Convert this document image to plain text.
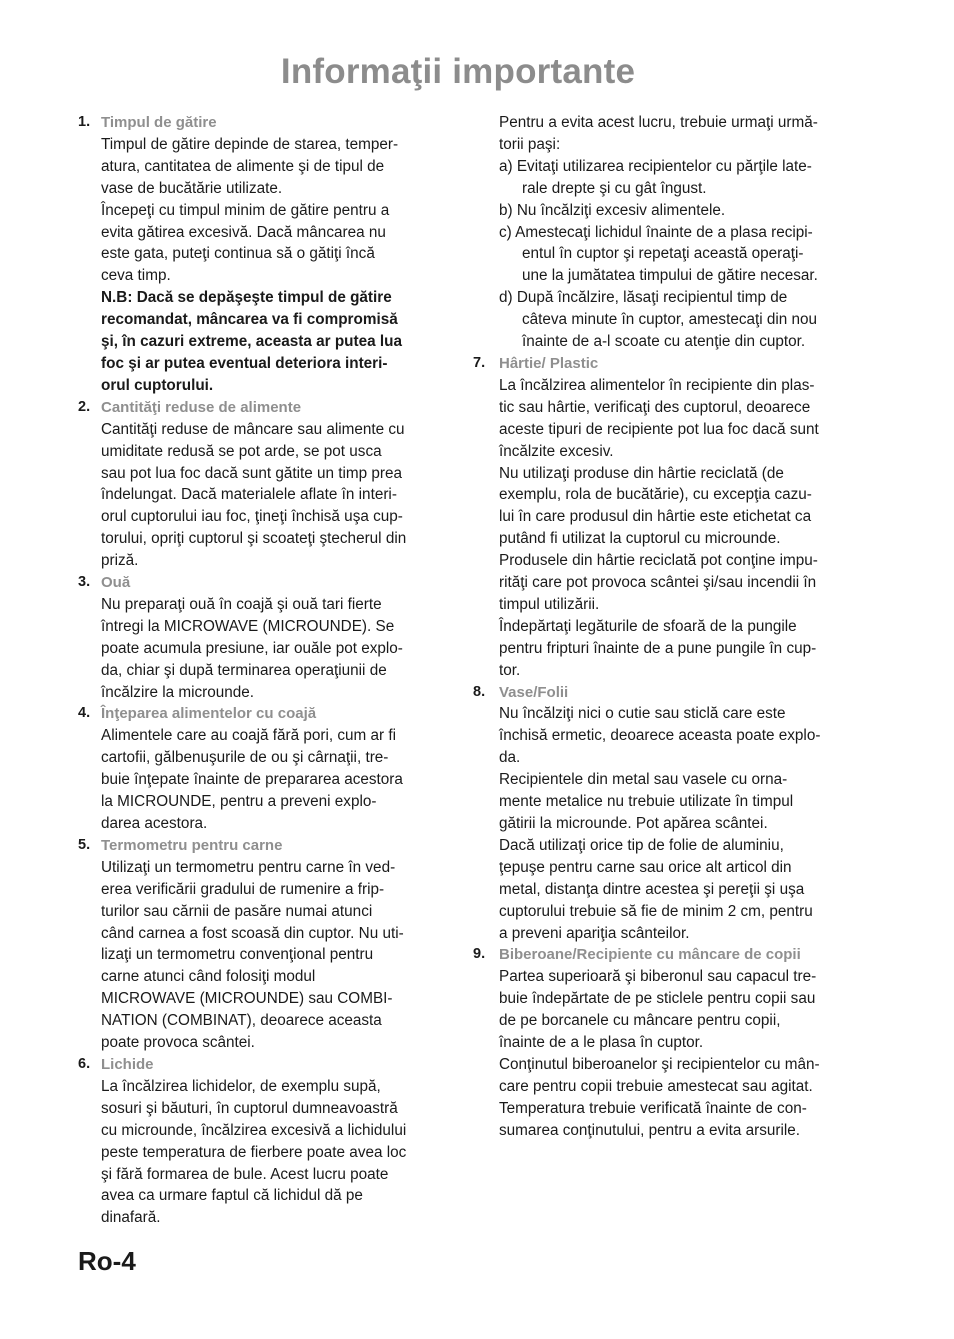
Informaţii importante
1. Timpul de gătire
Timpul de gătire depinde de starea, temper-
atura, cantitatea de alimente şi de tipul de
vase de bucătărie utilizate.
Începeţi cu timpul minim de gătire pentru a
evita gătirea excesivă. Dacă mâncarea nu
este gata, puteţi continua să o gătiţi încă
ceva timp.
N.B: Dacă se depăşeşte timpul de gătire
recomandat, mâncarea va fi compromisă
şi, în cazuri extreme, aceasta ar putea lua
foc şi ar putea eventual deteriora interi-
orul cuptorului.
2. Cantităţi reduse de alimente
Cantităţi reduse de mâncare sau alimente cu
umiditate redusă se pot arde, se pot usca
sau pot lua foc dacă sunt gătite un timp prea
îndelungat. Dacă materialele aflate în interi-
orul cuptorului iau foc, ţineţi închisă uşa cup-
torului, opriţi cuptorul şi scoateţi ştecherul din
priză.
3. Ouă
Nu preparaţi ouă în coajă şi ouă tari fierte
întregi la MICROWAVE (MICROUNDE). Se
poate acumula presiune, iar ouăle pot explo-
da, chiar şi după terminarea operaţiunii de
încălzire la microunde.
4. Înţeparea alimentelor cu coajă
Alimentele care au coajă fără pori, cum ar fi
cartofii, gălbenuşurile de ou şi cârnaţii, tre-
buie înţepate înainte de prepararea acestora
la MICROUNDE, pentru a preveni explo-
darea acestora.
5. Termometru pentru carne
Utilizaţi un termometru pentru carne în ved-
erea verificării gradului de rumenire a frip-
turilor sau cărnii de pasăre numai atunci
când carnea a fost scoasă din cuptor. Nu uti-
lizaţi un termometru convenţional pentru
carne atunci când folosiţi modul
MICROWAVE (MICROUNDE) sau COMBI-
NATION (COMBINAT), deoarece aceasta
poate provoca scântei.
6. Lichide
La încălzirea lichidelor, de exemplu supă,
sosuri şi băuturi, în cuptorul dumneavoastră
cu microunde, încălzirea excesivă a lichidului
peste temperatura de fierbere poate avea loc
şi fără formarea de bule. Acest lucru poate
avea ca urmare faptul că lichidul dă pe
dinafară.
Pentru a evita acest lucru, trebuie urmaţi urmă-
torii paşi:
a) Evitaţi utilizarea recipientelor cu părţile late-
rale drepte şi cu gât îngust.
b) Nu încălziţi excesiv alimentele.
c) Amestecaţi lichidul înainte de a plasa recipi-
entul în cuptor şi repetaţi această operaţi-
une la jumătatea timpului de gătire necesar.
d) După încălzire, lăsaţi recipientul timp de
câteva minute în cuptor, amestecaţi din nou
înainte de a-l scoate cu atenţie din cuptor.
7. Hârtie/ Plastic
La încălzirea alimentelor în recipiente din plas-
tic sau hârtie, verificaţi des cuptorul, deoarece
aceste tipuri de recipiente pot lua foc dacă sunt
încălzite excesiv.
Nu utilizaţi produse din hârtie reciclată (de
exemplu, rola de bucătărie), cu excepţia cazu-
lui în care produsul din hârtie este etichetat ca
putând fi utilizat la cuptorul cu microunde.
Produsele din hârtie reciclată pot conţine impu-
rităţi care pot provoca scântei şi/sau incendii în
timpul utilizării.
Îndepărtaţi legăturile de sfoară de la pungile
pentru fripturi înainte de a pune pungile în cup-
tor.
8. Vase/Folii
Nu încălziţi nici o cutie sau sticlă care este
închisă ermetic, deoarece aceasta poate explo-
da.
Recipientele din metal sau vasele cu orna-
mente metalice nu trebuie utilizate în timpul
gătirii la microunde. Pot apărea scântei.
Dacă utilizaţi orice tip de folie de aluminiu,
ţepuşe pentru carne sau orice alt articol din
metal, distanţa dintre acestea şi pereţii şi uşa
cuptorului trebuie să fie de minim 2 cm, pentru
a preveni apariţia scânteilor.
9. Biberoane/Recipiente cu mâncare de copii
Partea superioară şi biberonul sau capacul tre-
buie îndepărtate de pe sticlele pentru copii sau
de pe borcanele cu mâncare pentru copii,
înainte de a le plasa în cuptor.
Conţinutul biberoanelor şi recipientelor cu mân-
care pentru copii trebuie amestecat sau agitat.
Temperatura trebuie verificată înainte de con-
sumarea conţinutului, pentru a evita arsurile.
Ro-4
